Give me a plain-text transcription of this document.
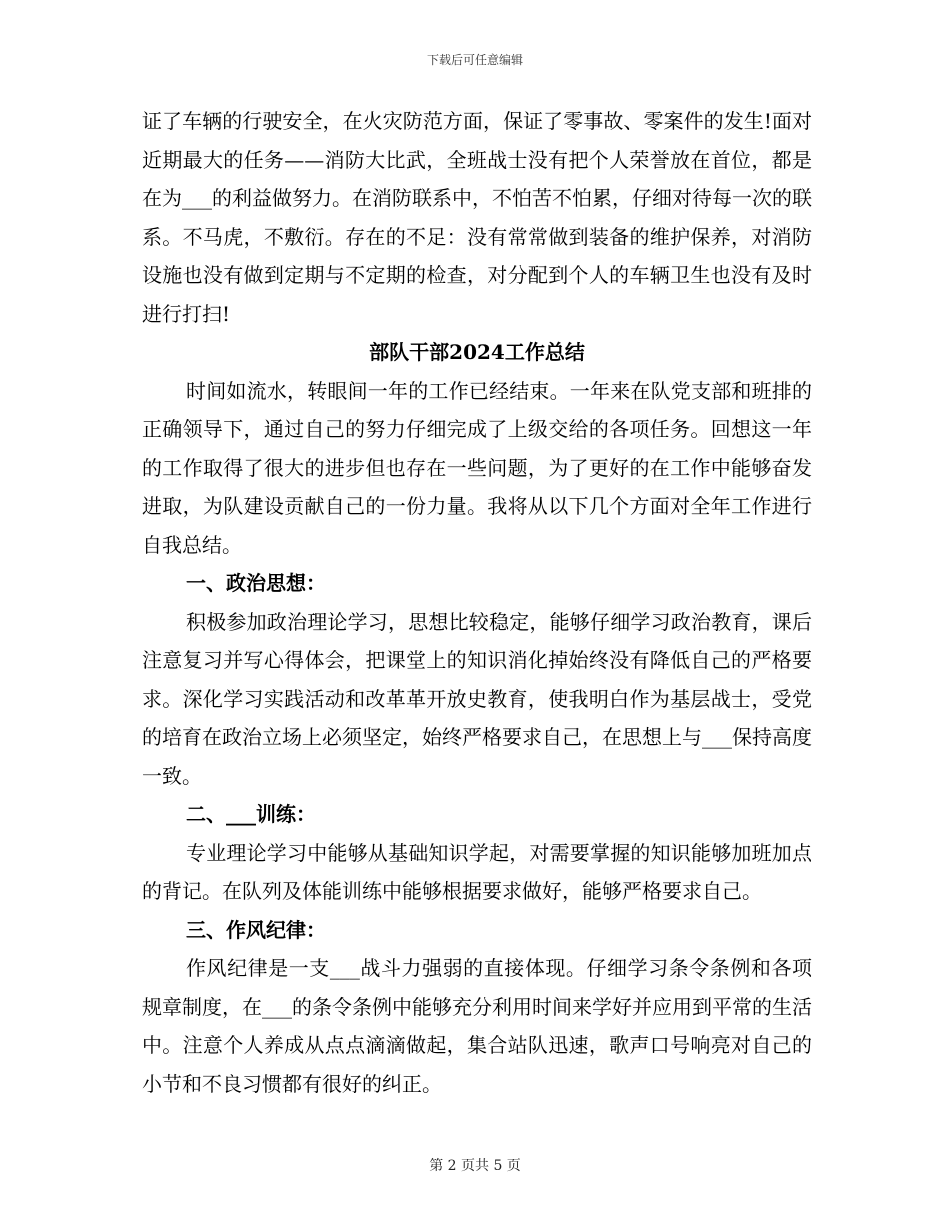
下载后可任意编辑

证了车辆的行驶安全，在火灾防范方面，保证了零事故、零案件的发生!面对近期最大的任务——消防大比武，全班战士没有把个人荣誉放在首位，都是在为___的利益做努力。在消防联系中，不怕苦不怕累，仔细对待每一次的联系。不马虎，不敷衍。存在的不足：没有常常做到装备的维护保养，对消防设施也没有做到定期与不定期的检查，对分配到个人的车辆卫生也没有及时进行打扫!

部队干部2024工作总结

时间如流水，转眼间一年的工作已经结束。一年来在队党支部和班排的正确领导下，通过自己的努力仔细完成了上级交给的各项任务。回想这一年的工作取得了很大的进步但也存在一些问题，为了更好的在工作中能够奋发进取，为队建设贡献自己的一份力量。我将从以下几个方面对全年工作进行自我总结。

一、政治思想：

积极参加政治理论学习，思想比较稳定，能够仔细学习政治教育，课后注意复习并写心得体会，把课堂上的知识消化掉始终没有降低自己的严格要求。深化学习实践活动和改革革开放史教育，使我明白作为基层战士，受党的培育在政治立场上必须坚定，始终严格要求自己，在思想上与___保持高度一致。

二、___训练：

专业理论学习中能够从基础知识学起，对需要掌握的知识能够加班加点的背记。在队列及体能训练中能够根据要求做好，能够严格要求自己。

三、作风纪律：

作风纪律是一支___战斗力强弱的直接体现。仔细学习条令条例和各项规章制度，在___的条令条例中能够充分利用时间来学好并应用到平常的生活中。注意个人养成从点点滴滴做起，集合站队迅速，歌声口号响亮对自己的小节和不良习惯都有很好的纠正。

第 2 页共 5 页
